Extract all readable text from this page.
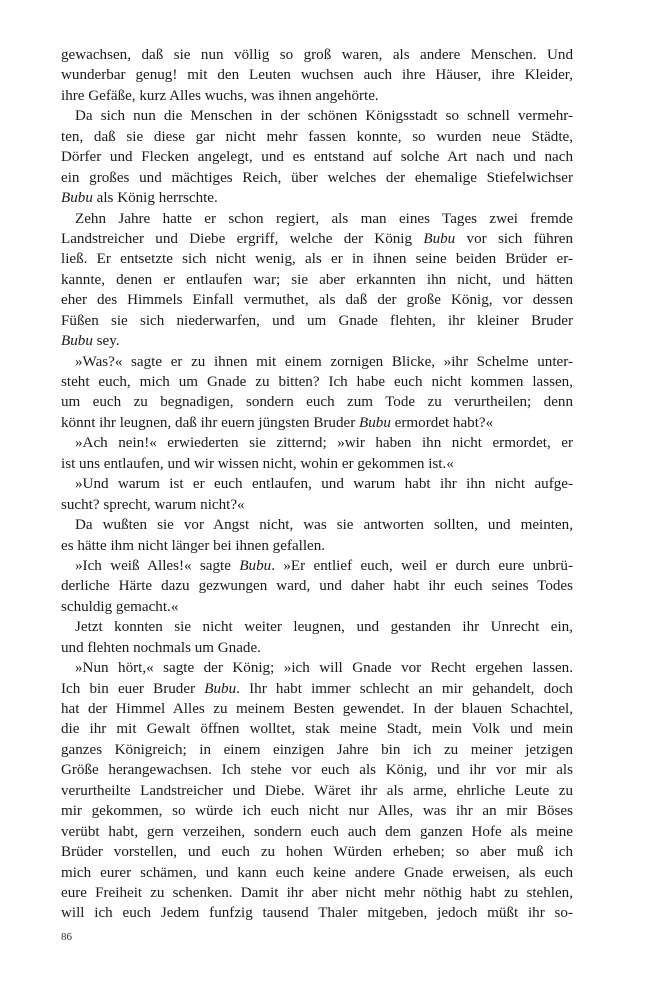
gewachsen, daß sie nun völlig so groß waren, als andere Menschen. Und
wunderbar genug! mit den Leuten wuchsen auch ihre Häuser, ihre Kleider,
ihre Gefäße, kurz Alles wuchs, was ihnen angehörte.
Da sich nun die Menschen in der schönen Königsstadt so schnell vermehr-
ten, daß sie diese gar nicht mehr fassen konnte, so wurden neue Städte,
Dörfer und Flecken angelegt, und es entstand auf solche Art nach und nach
ein großes und mächtiges Reich, über welches der ehemalige Stiefelwichser
Bubu als König herrschte.
Zehn Jahre hatte er schon regiert, als man eines Tages zwei fremde
Landstreicher und Diebe ergriff, welche der König Bubu vor sich führen
ließ. Er entsetzte sich nicht wenig, als er in ihnen seine beiden Brüder er-
kannte, denen er entlaufen war; sie aber erkannten ihn nicht, und hätten
eher des Himmels Einfall vermuthet, als daß der große König, vor dessen
Füßen sie sich niederwarfen, und um Gnade flehten, ihr kleiner Bruder
Bubu sey.
»Was?« sagte er zu ihnen mit einem zornigen Blicke, »ihr Schelme unter-
steht euch, mich um Gnade zu bitten? Ich habe euch nicht kommen lassen,
um euch zu begnadigen, sondern euch zum Tode zu verurtheilen; denn
könnt ihr leugnen, daß ihr euern jüngsten Bruder Bubu ermordet habt?«
»Ach nein!« erwiederten sie zitternd; »wir haben ihn nicht ermordet, er
ist uns entlaufen, und wir wissen nicht, wohin er gekommen ist.«
»Und warum ist er euch entlaufen, und warum habt ihr ihn nicht aufge-
sucht? sprecht, warum nicht?«
Da wußten sie vor Angst nicht, was sie antworten sollten, und meinten,
es hätte ihm nicht länger bei ihnen gefallen.
»Ich weiß Alles!« sagte Bubu. »Er entlief euch, weil er durch eure unbrü-
derliche Härte dazu gezwungen ward, und daher habt ihr euch seines Todes
schuldig gemacht.«
Jetzt konnten sie nicht weiter leugnen, und gestanden ihr Unrecht ein,
und flehten nochmals um Gnade.
»Nun hört,« sagte der König; »ich will Gnade vor Recht ergehen lassen.
Ich bin euer Bruder Bubu. Ihr habt immer schlecht an mir gehandelt, doch
hat der Himmel Alles zu meinem Besten gewendet. In der blauen Schachtel,
die ihr mit Gewalt öffnen wolltet, stak meine Stadt, mein Volk und mein
ganzes Königreich; in einem einzigen Jahre bin ich zu meiner jetzigen
Größe herangewachsen. Ich stehe vor euch als König, und ihr vor mir als
verurtheilte Landstreicher und Diebe. Wäret ihr als arme, ehrliche Leute zu
mir gekommen, so würde ich euch nicht nur Alles, was ihr an mir Böses
verübt habt, gern verzeihen, sondern euch auch dem ganzen Hofe als meine
Brüder vorstellen, und euch zu hohen Würden erheben; so aber muß ich
mich eurer schämen, und kann euch keine andere Gnade erweisen, als euch
eure Freiheit zu schenken. Damit ihr aber nicht mehr nöthig habt zu stehlen,
will ich euch Jedem funfzig tausend Thaler mitgeben, jedoch müßt ihr so-
86
